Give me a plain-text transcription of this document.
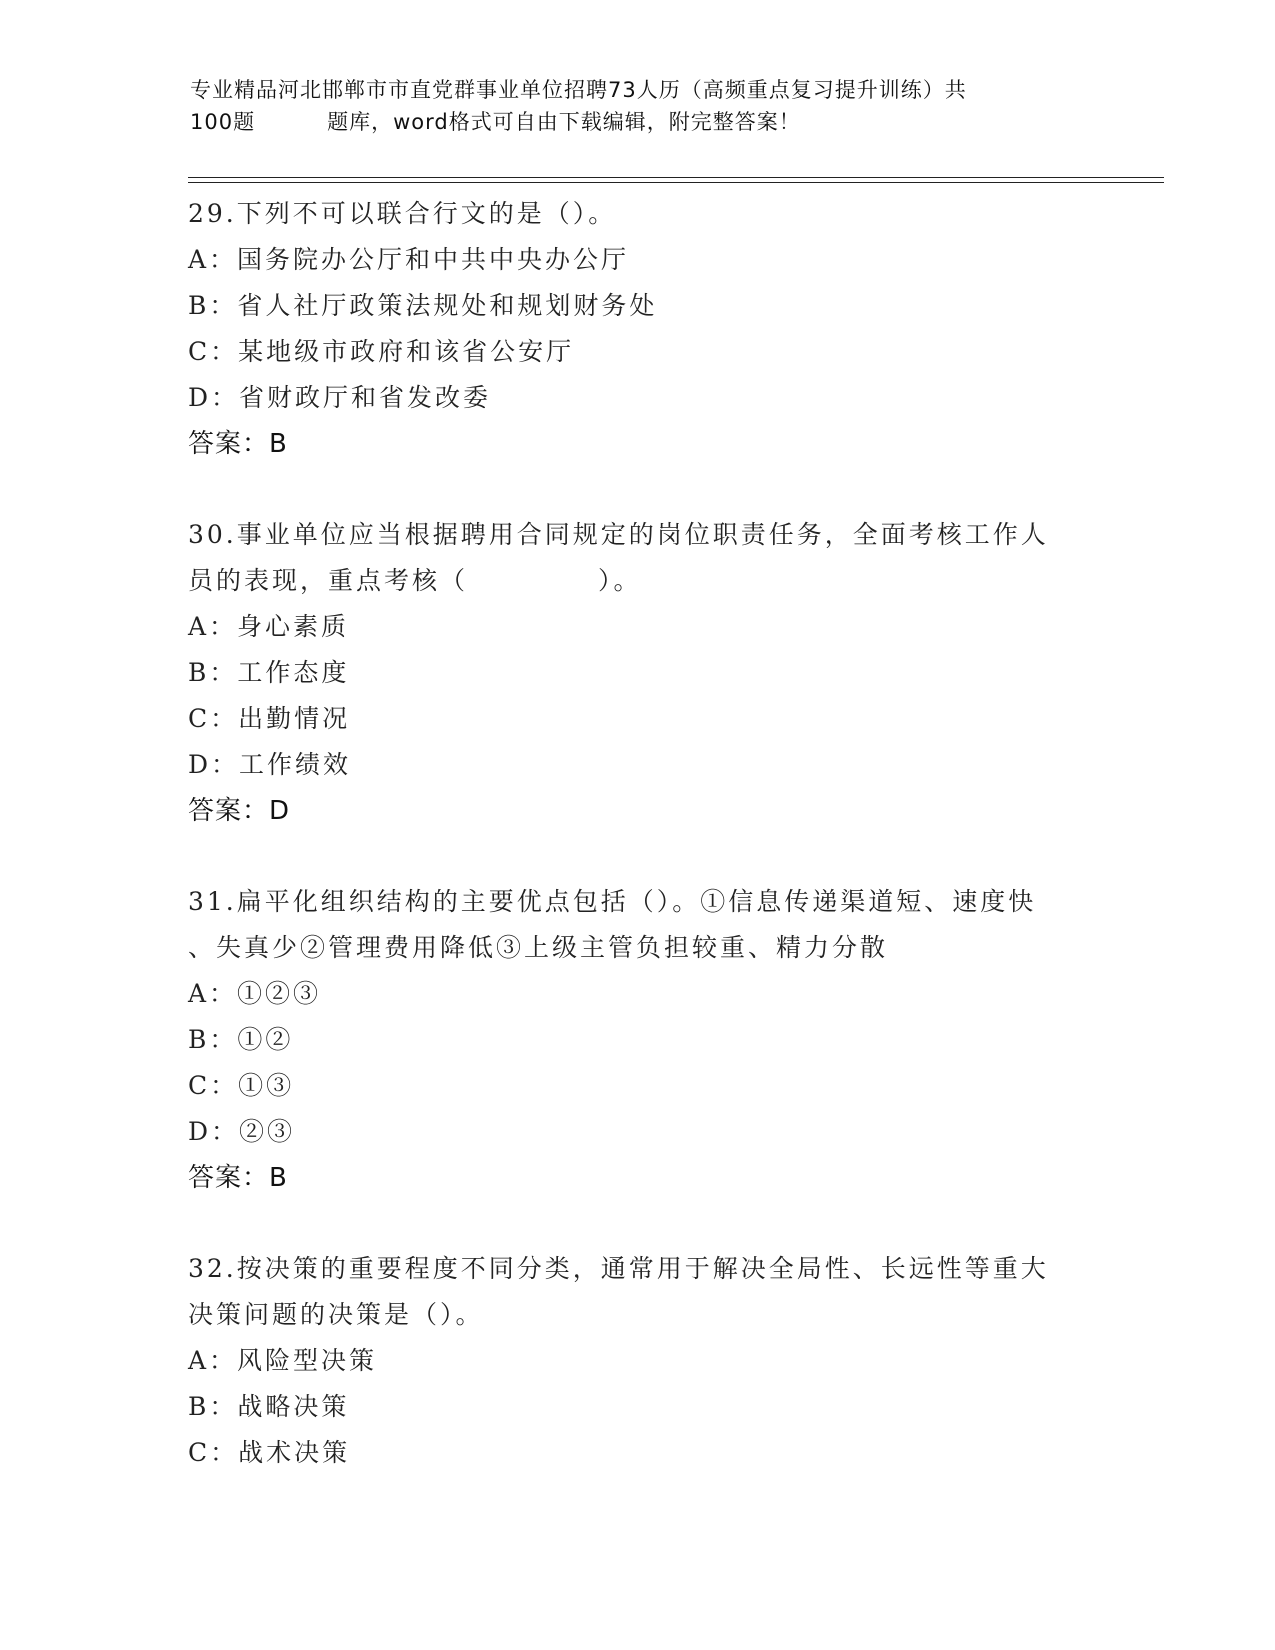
专业精品河北邯郸市市直党群事业单位招聘73人历（高频重点复习提升训练）共
100题	题库，word格式可自由下载编辑，附完整答案！
29.下列不可以联合行文的是（）。
A：国务院办公厅和中共中央办公厅
B：省人社厅政策法规处和规划财务处
C：某地级市政府和该省公安厅
D：省财政厅和省发改委
答案：B
30.事业单位应当根据聘用合同规定的岗位职责任务，全面考核工作人
员的表现，重点考核（	）。
A：身心素质
B：工作态度
C：出勤情况
D：工作绩效
答案：D
31.扁平化组织结构的主要优点包括（）。①信息传递渠道短、速度快
、失真少②管理费用降低③上级主管负担较重、精力分散
A：①②③
B：①②
C：①③
D：②③
答案：B
32.按决策的重要程度不同分类，通常用于解决全局性、长远性等重大
决策问题的决策是（）。
A：风险型决策
B：战略决策
C：战术决策
